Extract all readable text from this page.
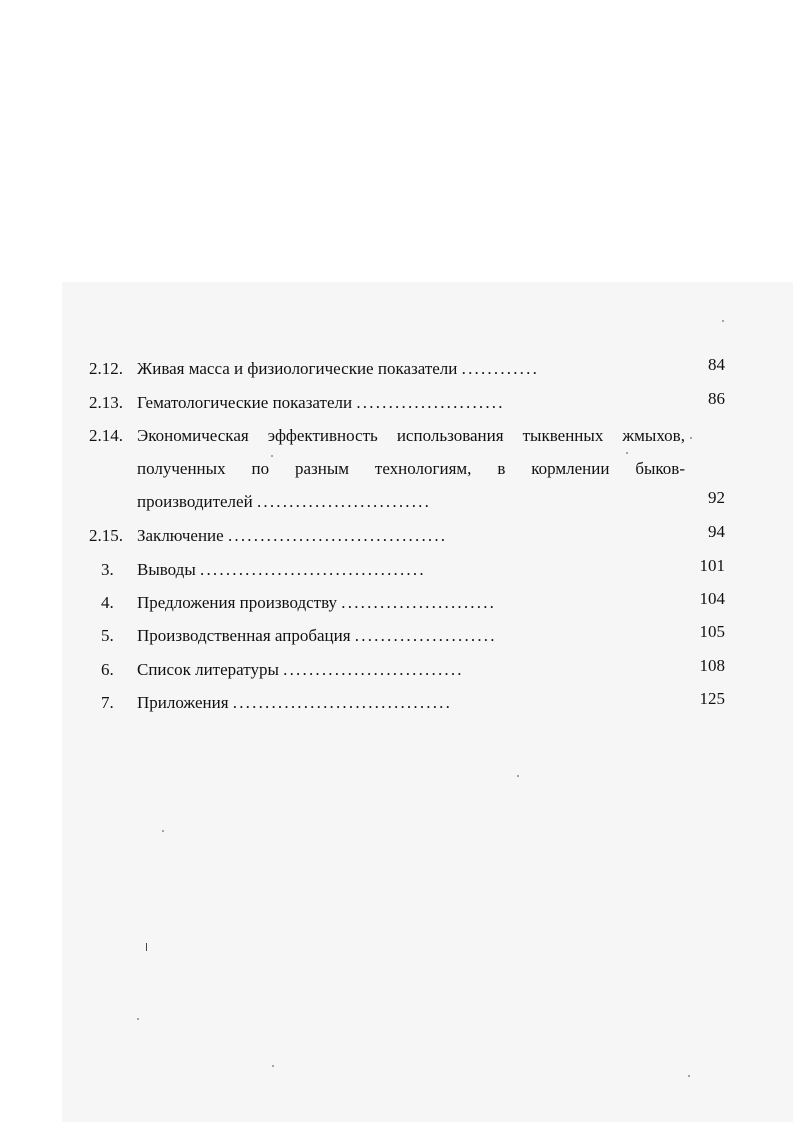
2.12. Живая масса и физиологические показатели ............	84
2.13. Гематологические показатели .......................	86
2.14. Экономическая эффективность использования тыквенных жмыхов,
полученных по разным технологиям, в кормлении быков-
производителей ...........................	92
2.15. Заключение ..................................	94
3. Выводы ...................................	101
4. Предложения производству ........................	104
5. Производственная апробация ......................	105
6. Список литературы ............................	108
7. Приложения ..................................	125
